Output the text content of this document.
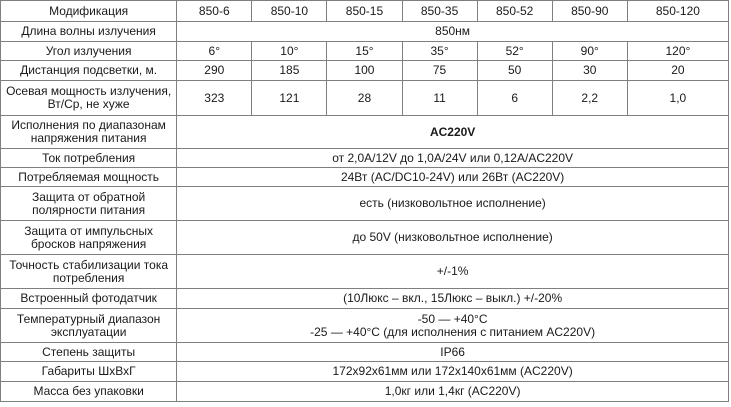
Модификация	850-6	850-10	850-15	850-35	850-52	850-90	850-120
Длина волны излучения	850нм						
Угол излучения	6°	10°	15°	35°	52°	90°	120°
Дистанция подсветки, м.	290	185	100	75	50	30	20
Осевая мощность излучения, Вт/Ср, не хуже	323	121	28	11	6	2,2	1,0
Исполнения по диапазонам напряжения питания	AC220V						
Ток потребления	от 2,0A/12V до 1,0A/24V или 0,12A/AC220V						
Потребляемая мощность	24Вт (AC/DC10-24V) или 26Вт (AC220V)						
Защита от обратной полярности питания	есть (низковольтное исполнение)						
Защита от импульсных бросков напряжения	до 50V (низковольтное исполнение)						
Точность стабилизации тока потребления	+/-1%						
Встроенный фотодатчик	(10Люкс – вкл., 15Люкс – выкл.) +/-20%						
Температурный диапазон эксплуатации	-50 — +40°С
-25 — +40°С (для исполнения с питанием AC220V)						

Степень защиты	IP66						
Габариты ШхВхГ	172х92х61мм или 172х140х61мм (AC220V)						
Масса без упаковки	1,0кг или 1,4кг (AC220V)						
